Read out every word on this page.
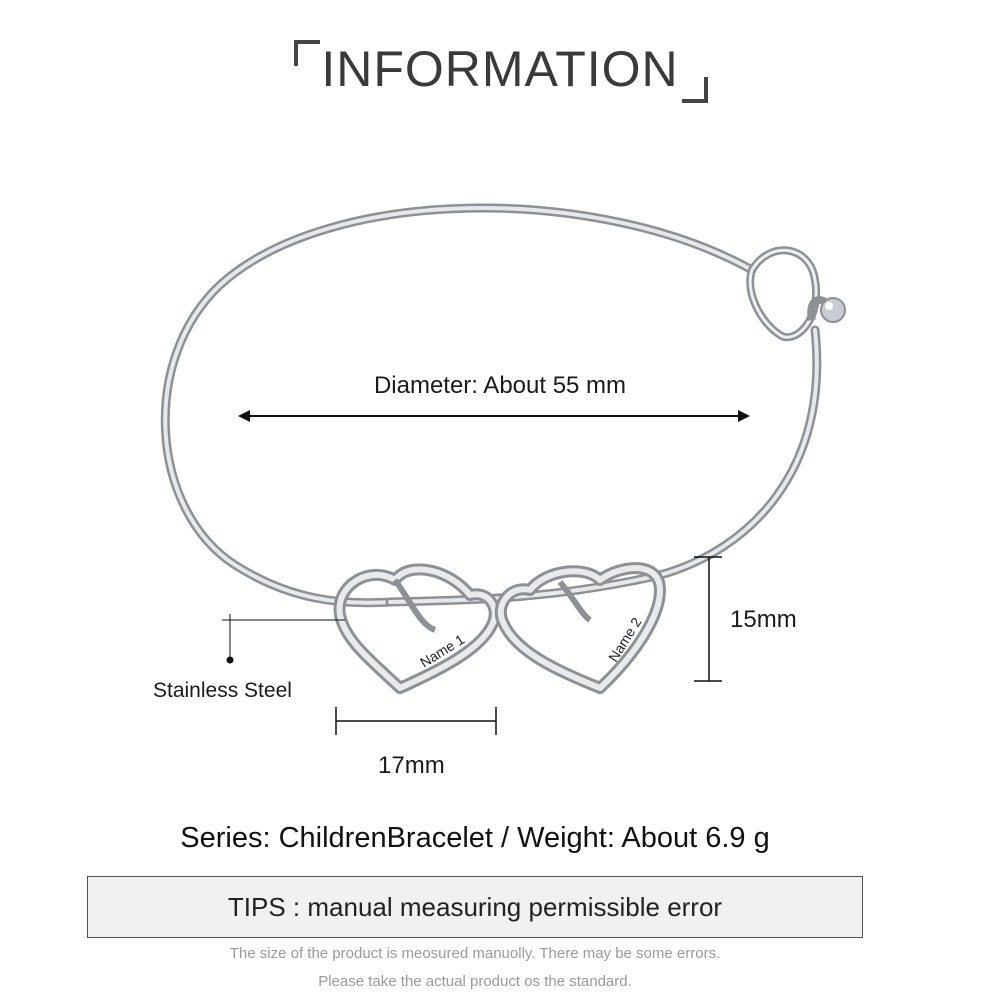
INFORMATION
Name 1	Name 2
Diameter: About 55 mm
15mm
17mm
Stainless Steel
Series: ChildrenBracelet / Weight: About 6.9 g
TIPS : manual measuring permissible error
The size of the product is meosured manuolly. There may be some errors.
Please take the actual product os the standard.
